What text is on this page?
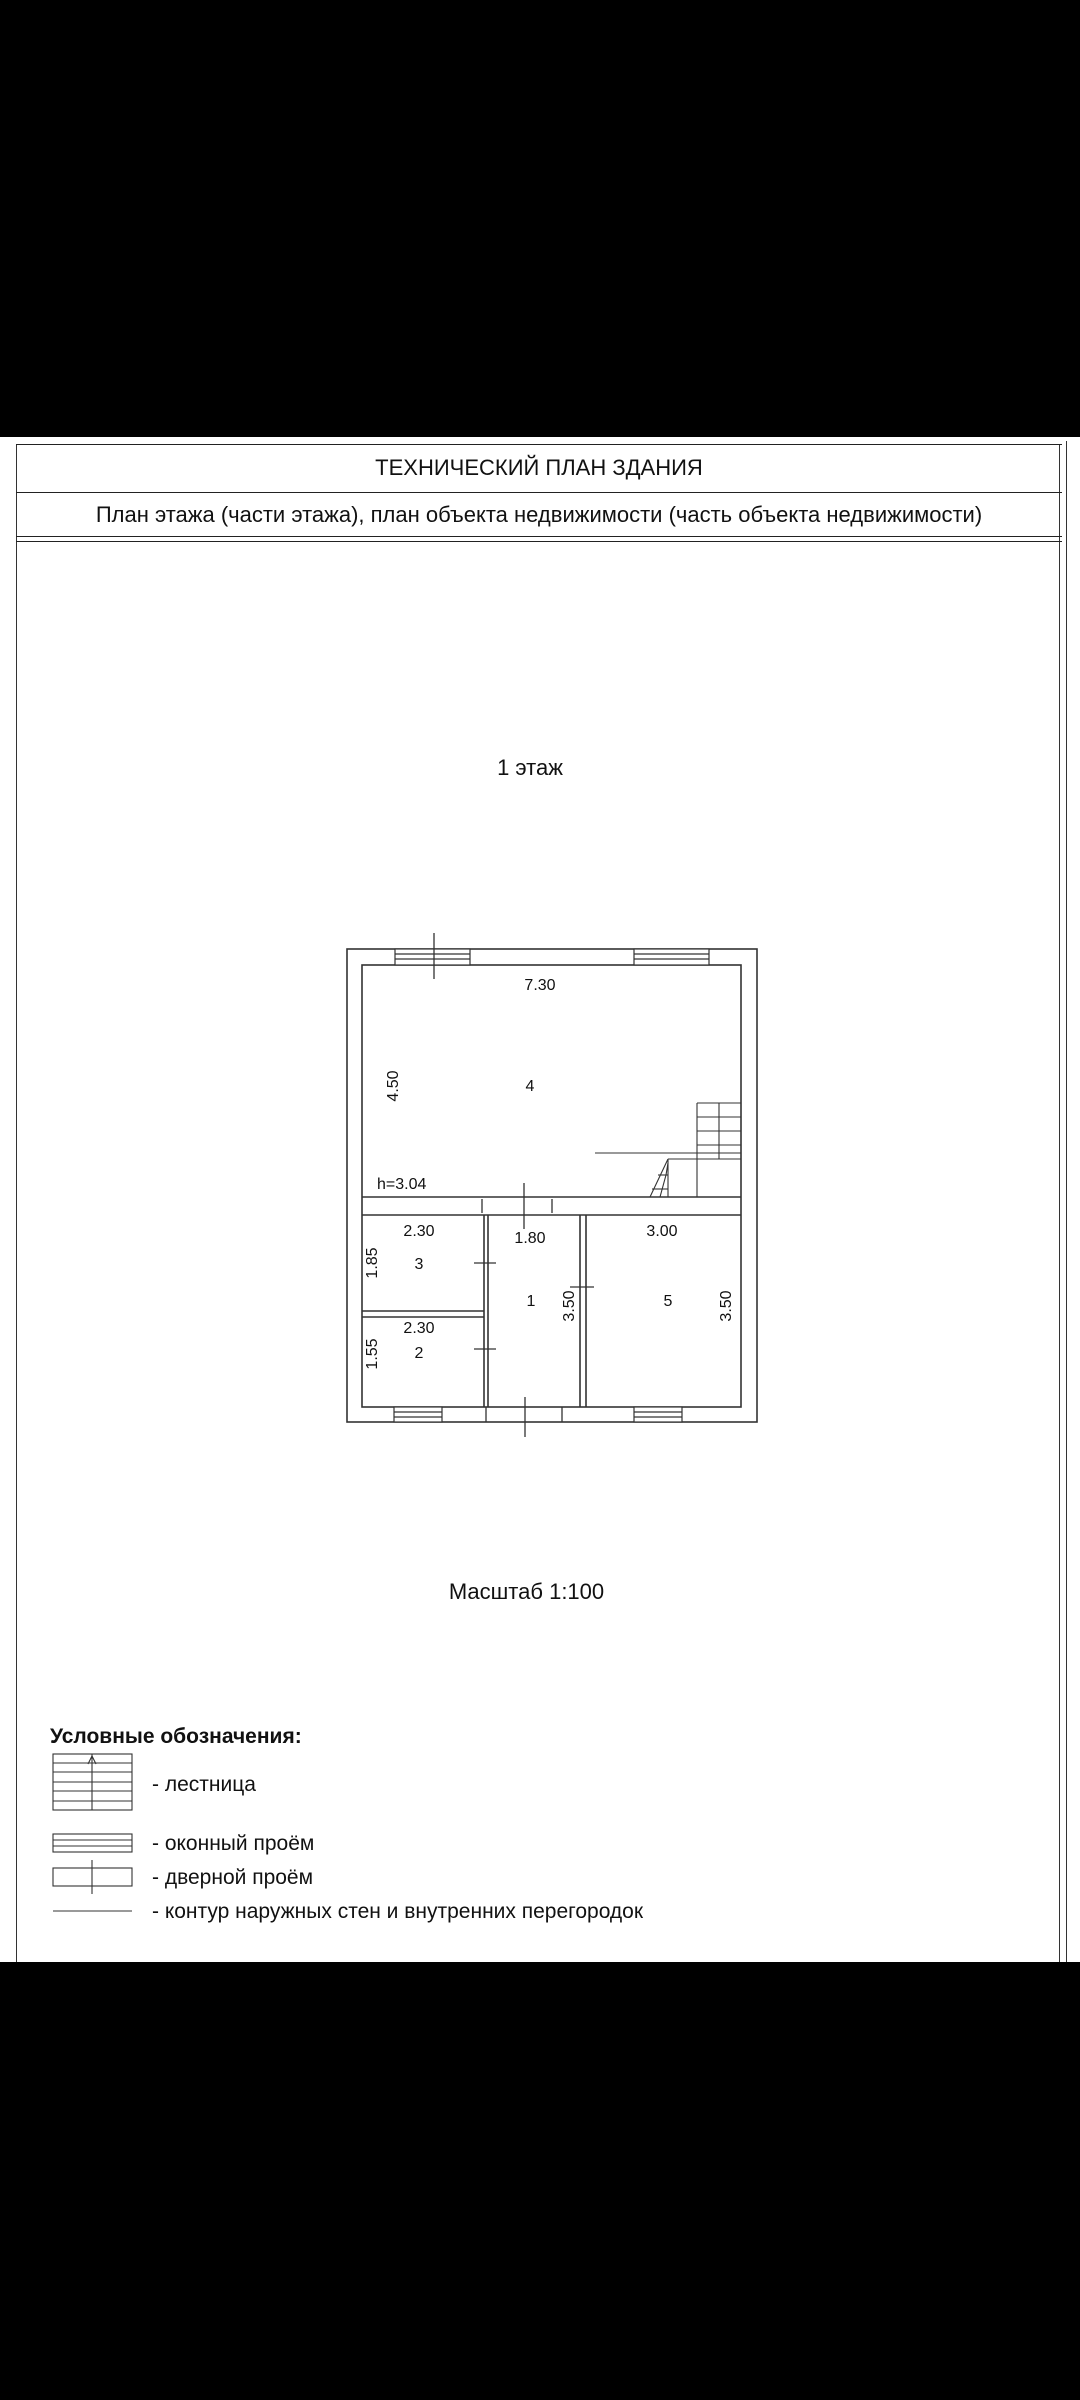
ТЕХНИЧЕСКИЙ ПЛАН ЗДАНИЯ
План этажа (части этажа), план объекта недвижимости (часть объекта недвижимости)
1 этаж
7.30
4.50	4
h=3.04
2.30
1.85 3
1.80
1 3.50
3.00
5	3.50
2.30
1.55 2
Масштаб 1:100
Условные обозначения:
- лестница
- оконный проём
- дверной проём
- контур наружных стен и внутренних перегородок
